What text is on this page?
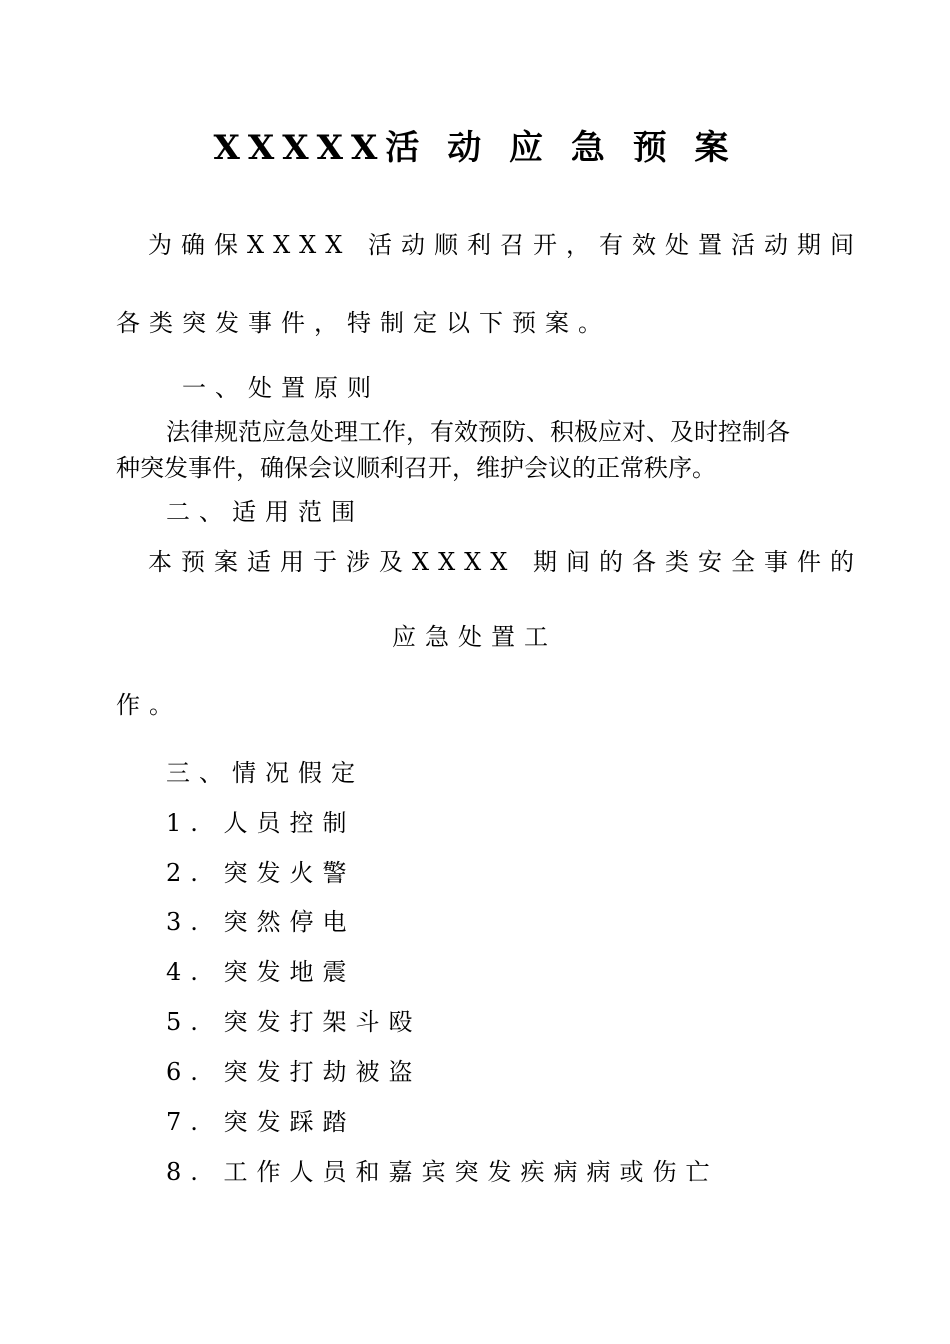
XXXXX活 动 应 急 预 案
为确保XXXX 活动顺利召开，有效处置活动期间
各类突发事件，特制定以下预案。
一、处置原则
法律规范应急处理工作，有效预防、积极应对、及时控制各
种突发事件，确保会议顺利召开，维护会议的正常秩序。
二、适用范围
本预案适用于涉及XXXX 期间的各类安全事件的
应急处置工
作。
三、情况假定
1. 人员控制
2. 突发火警
3. 突然停电
4. 突发地震
5. 突发打架斗殴
6. 突发打劫被盗
7. 突发踩踏
8. 工作人员和嘉宾突发疾病病或伤亡
